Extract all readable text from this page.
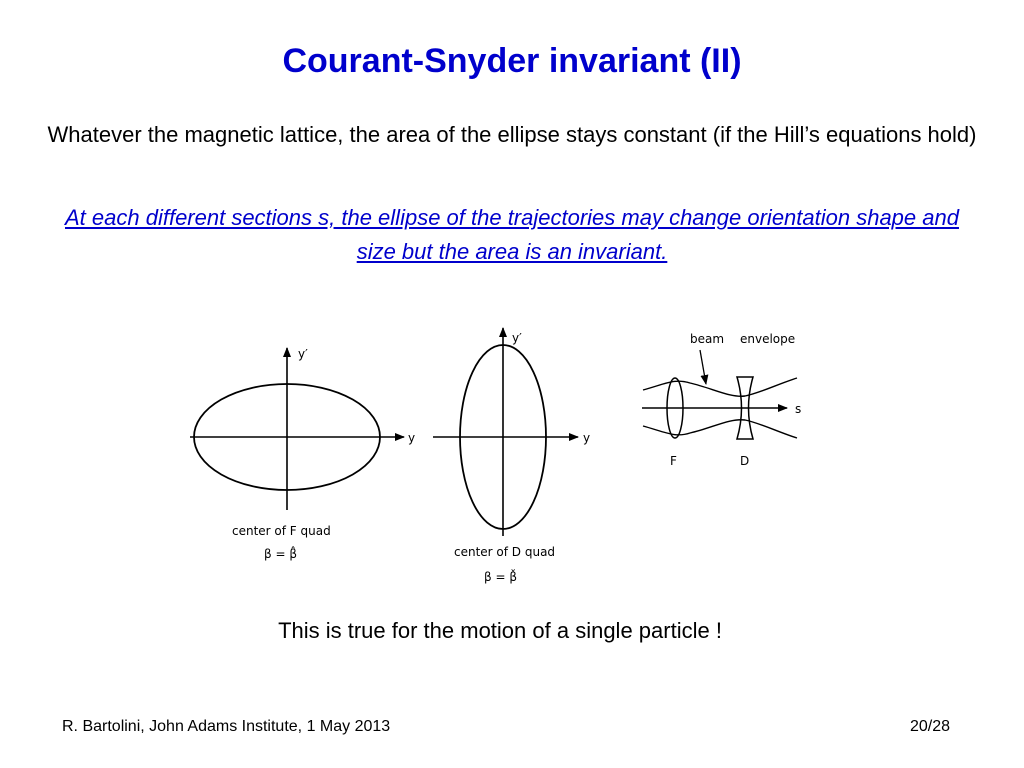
Courant-Snyder invariant (II)
Whatever the magnetic lattice, the area of the ellipse stays constant (if the Hill’s equations hold)
At each different sections s, the ellipse of the trajectories may change orientation shape and size but the area is an invariant.
y
y′
center of F quad
β = β̂
y
y′
center of D quad
β = β̌
s
beam envelope
F	D
This is true for the motion of a single particle !
R. Bartolini, John Adams Institute, 1 May 2013	20/28
